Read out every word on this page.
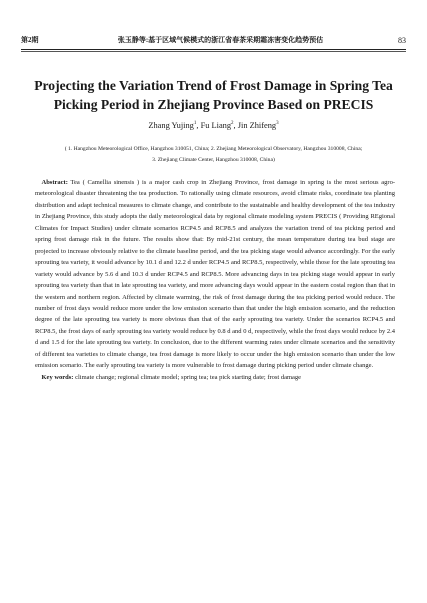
第2期	张玉静等:基于区域气候模式的浙江省春茶采期霜冻害变化趋势预估	83
Projecting the Variation Trend of Frost Damage in Spring Tea Picking Period in Zhejiang Province Based on PRECIS
Zhang Yujing$^1$, Fu Liang$^2$, Jin Zhifeng$^3$
( 1. Hangzhou Meteorological Office, Hangzhou 310051, China; 2. Zhejiang Meteorological Observatory, Hangzhou 310008, China;
3. Zhejiang Climate Center, Hangzhou 310008, China)
 Abstract: Tea ( Camellia sinensis ) is a major cash crop in Zhejiang Province, frost damage in spring is the most serious agro-meteorological disaster threatening the tea production. To rationally using climate resources, avoid climate risks, coordinate tea planting distribution and adapt technical measures to climate change, and contribute to the sustainable and healthy development of the tea industry in Zhejiang Province, this study adopts the daily meteorological data by regional climate modeling system PRECIS ( Providing REgional Climates for Impact Studies) under climate scenarios RCP4.5 and RCP8.5 and analyzes the variation trend of tea picking period and spring frost damage risk in the future. The results show that: By mid-21st century, the mean temperature during tea bud stage are projected to increase obviously relative to the climate baseline period, and the tea picking stage would advance accordingly. For the early sprouting tea variety, it would advance by 10.1 d and 12.2 d under RCP4.5 and RCP8.5, respectively, while those for the late sprouting tea variety would advance by 5.6 d and 10.3 d under RCP4.5 and RCP8.5. More advancing days in tea picking stage would appear in early sprouting tea variety than that in late sprouting tea variety, and more advancing days would appear in the eastern costal region than that in the western and northern region. Affected by climate warming, the risk of frost damage during the tea picking period would reduce. The number of frost days would reduce more under the low emission scenario than that under the high emission scenario, and the reduction degree of the late sprouting tea variety is more obvious than that of the early sprouting tea variety. Under the scenarios RCP4.5 and RCP8.5, the frost days of early sprouting tea variety would reduce by 0.8 d and 0 d, respectively, while the frost days would reduce by 2.4 d and 1.5 d for the late sprouting tea variety. In conclusion, due to the different warming rates under climate scenarios and the sensitivity of different tea varieties to climate change, tea frost damage is more likely to occur under the high emission scenario than under the low emission scenario. The early sprouting tea variety is more vulnerable to frost damage during picking period under climate change.
 Key words: climate change; regional climate model; spring tea; tea pick starting date; frost damage
